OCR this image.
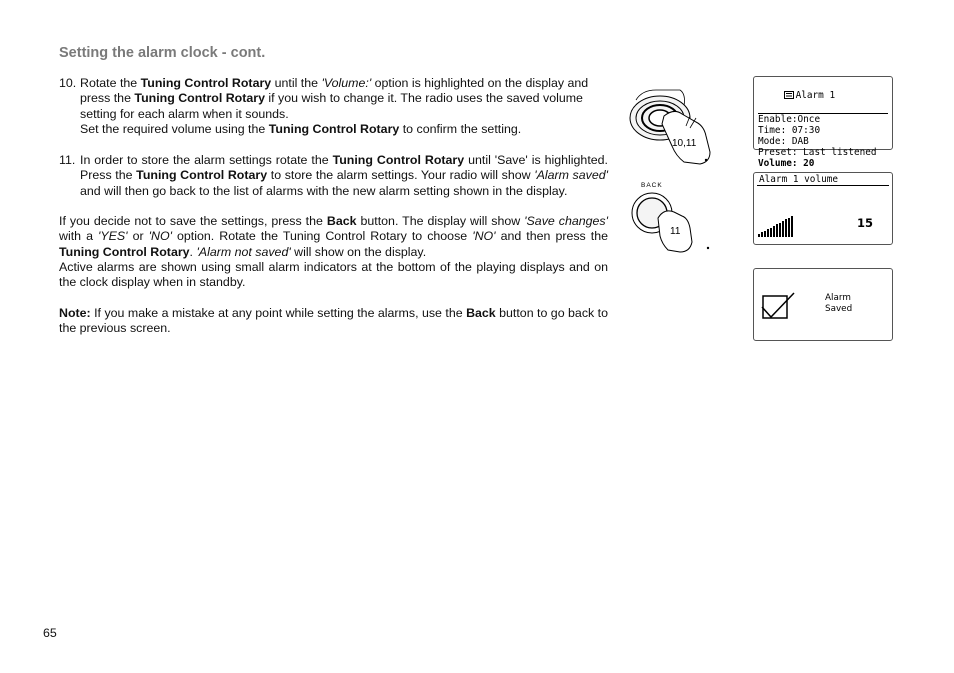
Setting the alarm clock - cont.
10. Rotate the Tuning Control Rotary until the 'Volume:' option is highlighted on the display and press the Tuning Control Rotary if you wish to change it. The radio uses the saved volume setting for each alarm when it sounds.
Set the required volume using the Tuning Control Rotary to confirm the setting.
11. In order to store the alarm settings rotate the Tuning Control Rotary until 'Save' is highlighted. Press the Tuning Control Rotary to store the alarm settings. Your radio will show 'Alarm saved' and will then go back to the list of alarms with the new alarm setting shown in the display.
If you decide not to save the settings, press the Back button. The display will show 'Save changes' with a 'YES' or 'NO' option. Rotate the Tuning Control Rotary to choose 'NO' and then press the Tuning Control Rotary. 'Alarm not saved' will show on the display.
Active alarms are shown using small alarm indicators at the bottom of the playing displays and on the clock display when in standby.
Note: If you make a mistake at any point while setting the alarms, use the Back button to go back to the previous screen.
65
10,11
BACK
11

Alarm 1

Enable:Once
Time: 07:30
Mode: DAB
Preset: Last listened
Volume: 20
Alarm 1 volume
15
Alarm
Saved
